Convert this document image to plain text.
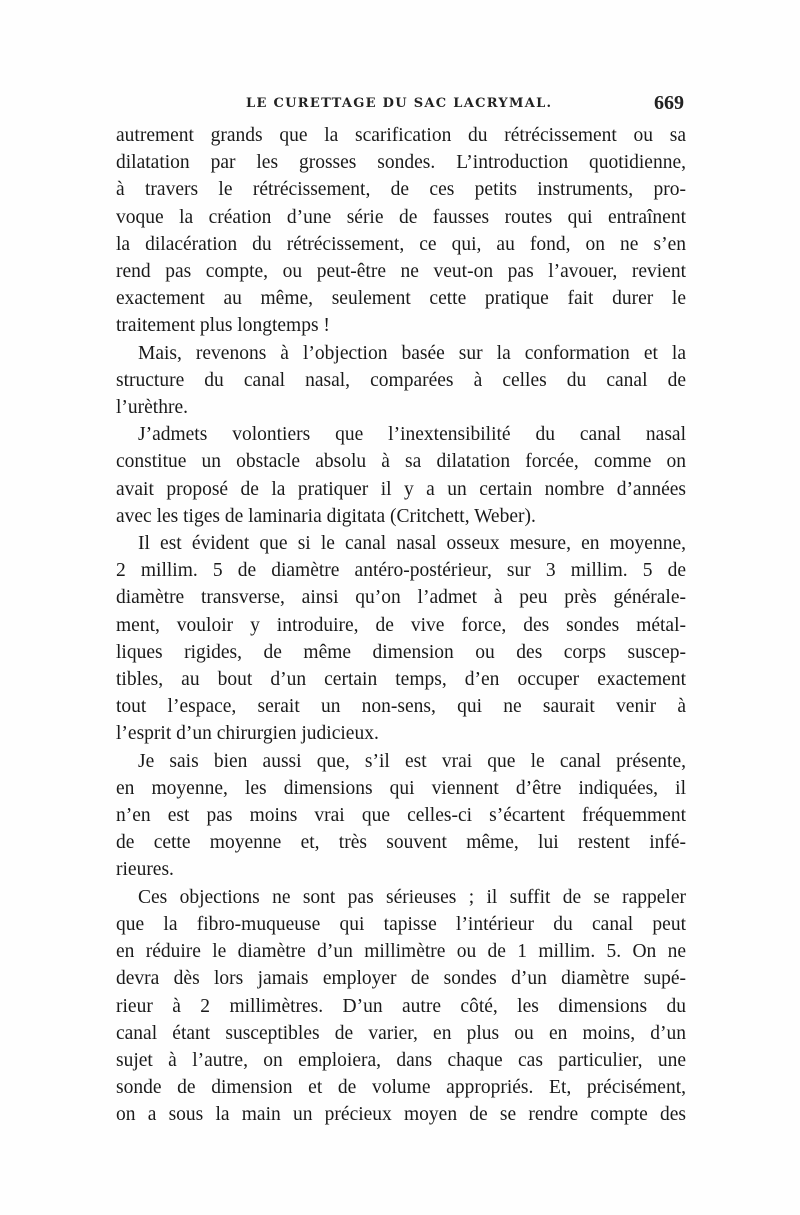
LE CURETTAGE DU SAC LACRYMAL.	669

autrement grands que la scarification du rétrécissement ou sa
dilatation par les grosses sondes. L’introduction quotidienne,
à travers le rétrécissement, de ces petits instruments, pro-
voque la création d’une série de fausses routes qui entraînent
la dilacération du rétrécissement, ce qui, au fond, on ne s’en
rend pas compte, ou peut-être ne veut-on pas l’avouer, revient
exactement au même, seulement cette pratique fait durer le
traitement plus longtemps !

Mais, revenons à l’objection basée sur la conformation et la
structure du canal nasal, comparées à celles du canal de
l’urèthre.

J’admets volontiers que l’inextensibilité du canal nasal
constitue un obstacle absolu à sa dilatation forcée, comme on
avait proposé de la pratiquer il y a un certain nombre d’années
avec les tiges de laminaria digitata (Critchett, Weber).

Il est évident que si le canal nasal osseux mesure, en moyenne,
2 millim. 5 de diamètre antéro-postérieur, sur 3 millim. 5 de
diamètre transverse, ainsi qu’on l’admet à peu près générale-
ment, vouloir y introduire, de vive force, des sondes métal-
liques rigides, de même dimension ou des corps suscep-
tibles, au bout d’un certain temps, d’en occuper exactement
tout l’espace, serait un non-sens, qui ne saurait venir à
l’esprit d’un chirurgien judicieux.

Je sais bien aussi que, s’il est vrai que le canal présente,
en moyenne, les dimensions qui viennent d’être indiquées, il
n’en est pas moins vrai que celles-ci s’écartent fréquemment
de cette moyenne et, très souvent même, lui restent infé-
rieures.

Ces objections ne sont pas sérieuses ; il suffit de se rappeler
que la fibro-muqueuse qui tapisse l’intérieur du canal peut
en réduire le diamètre d’un millimètre ou de 1 millim. 5. On ne
devra dès lors jamais employer de sondes d’un diamètre supé-
rieur à 2 millimètres. D’un autre côté, les dimensions du
canal étant susceptibles de varier, en plus ou en moins, d’un
sujet à l’autre, on emploiera, dans chaque cas particulier, une
sonde de dimension et de volume appropriés. Et, précisément,
on a sous la main un précieux moyen de se rendre compte des
